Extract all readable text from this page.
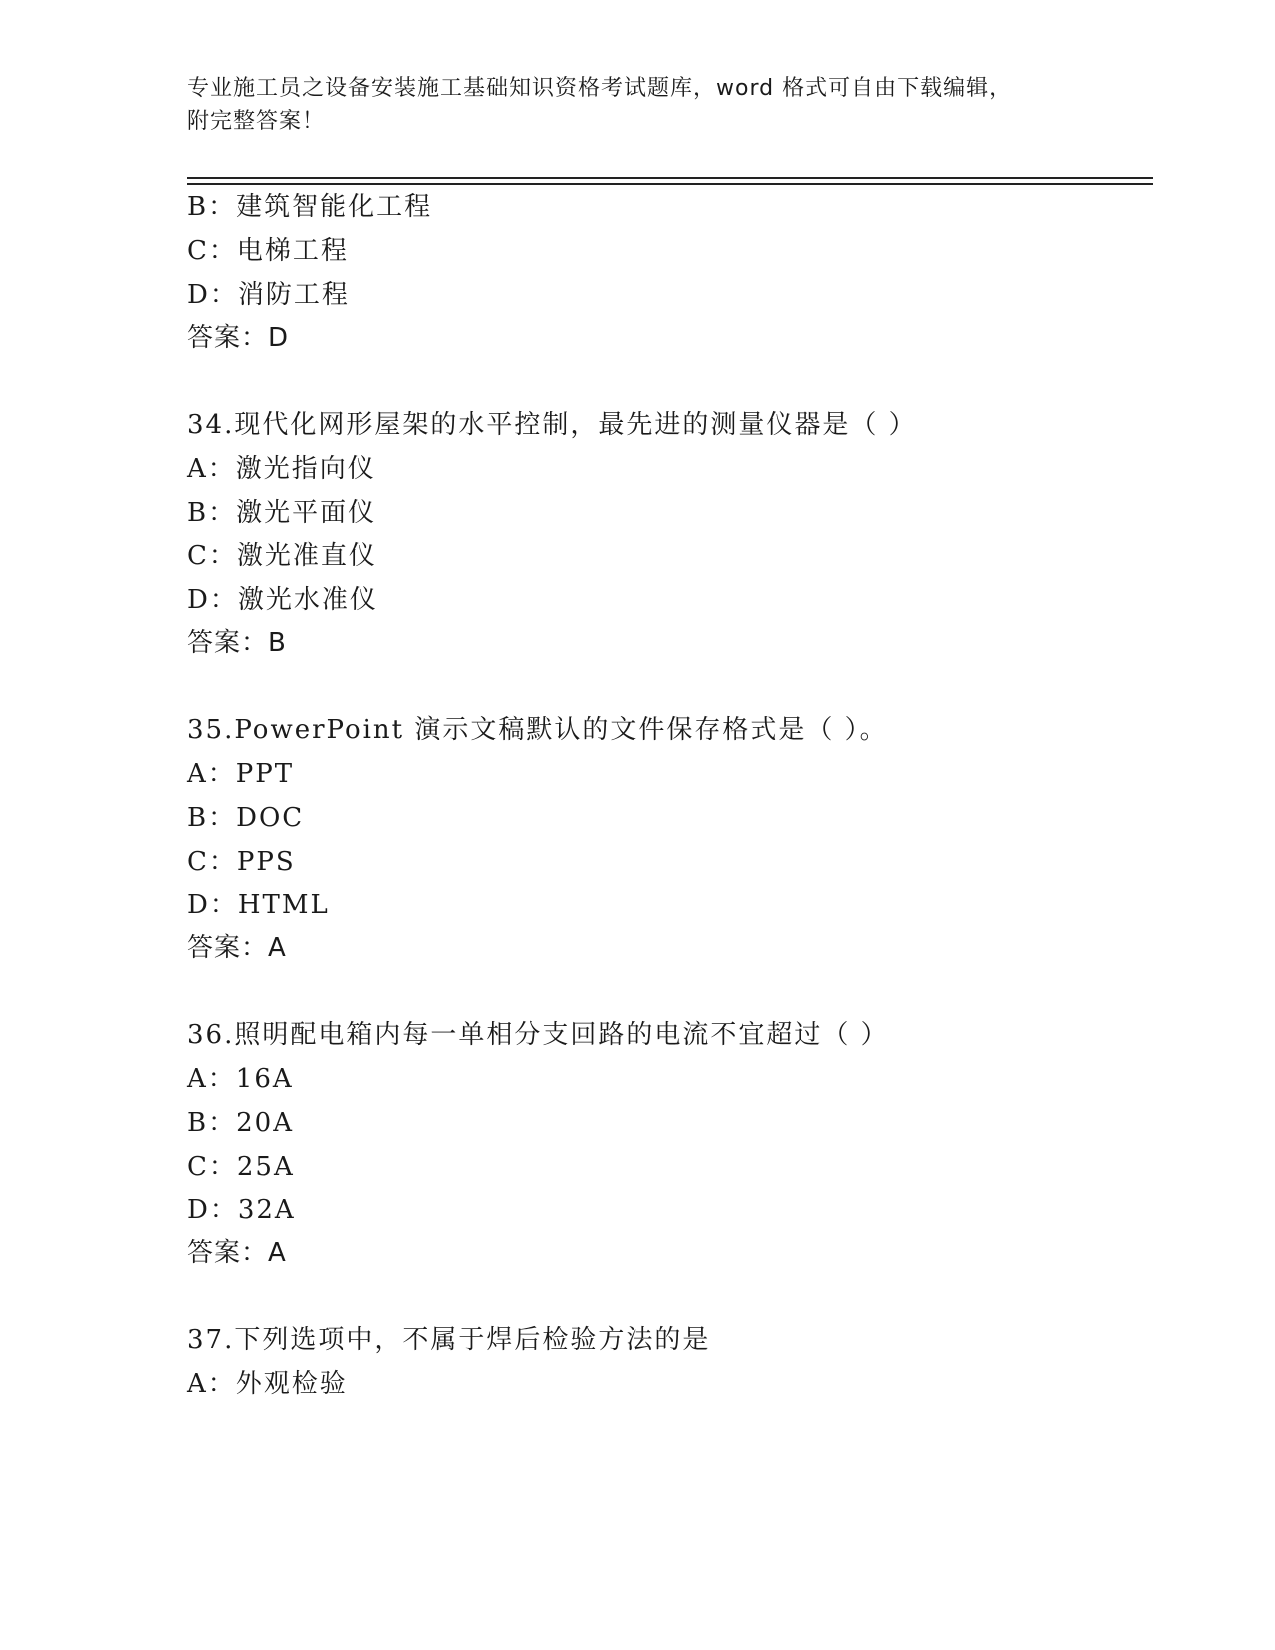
专业施工员之设备安装施工基础知识资格考试题库，word 格式可自由下载编辑，
附完整答案！
B：建筑智能化工程
C：电梯工程
D：消防工程
答案：D
34.现代化网形屋架的水平控制，最先进的测量仪器是（ ）
A：激光指向仪
B：激光平面仪
C：激光准直仪
D：激光水准仪
答案：B
35.PowerPoint 演示文稿默认的文件保存格式是（ ）。
A：PPT
B：DOC
C：PPS
D：HTML
答案：A
36.照明配电箱内每一单相分支回路的电流不宜超过（ ）
A：16A
B：20A
C：25A
D：32A
答案：A
37.下列选项中，不属于焊后检验方法的是
A：外观检验
